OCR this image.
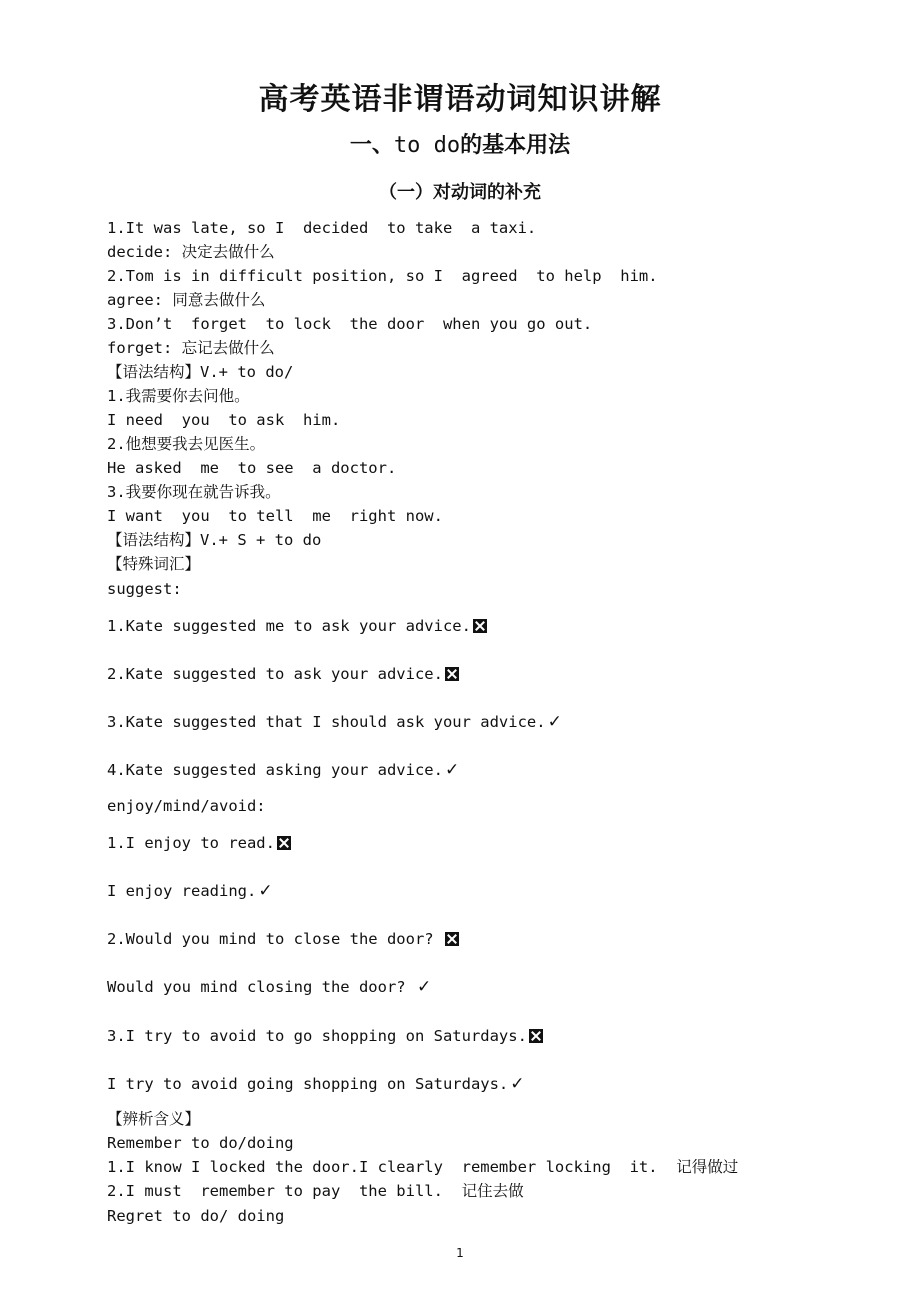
高考英语非谓语动词知识讲解
一、to do的基本用法
（一）对动词的补充
1.It was late, so I  decided  to take  a taxi.
decide: 决定去做什么
2.Tom is in difficult position, so I  agreed  to help  him.
agree: 同意去做什么
3.Don’t  forget  to lock  the door  when you go out.
forget: 忘记去做什么
【语法结构】V.+ to do/
1.我需要你去问他。
I need  you  to ask  him.
2.他想要我去见医生。
He asked  me  to see  a doctor.
3.我要你现在就告诉我。
I want  you  to tell  me  right now.
【语法结构】V.+ S + to do
【特殊词汇】
suggest:
1.Kate suggested me to ask your advice.
2.Kate suggested to ask your advice.
3.Kate suggested that I should ask your advice. ✓
4.Kate suggested asking your advice. ✓
enjoy/mind/avoid:
1.I enjoy to read.
I enjoy reading. ✓
2.Would you mind to close the door?
Would you mind closing the door? ✓
3.I try to avoid to go shopping on Saturdays.
I try to avoid going shopping on Saturdays. ✓
【辨析含义】
Remember to do/doing
1.I know I locked the door.I clearly  remember locking  it.  记得做过
2.I must  remember to pay  the bill.  记住去做
Regret to do/ doing
1
